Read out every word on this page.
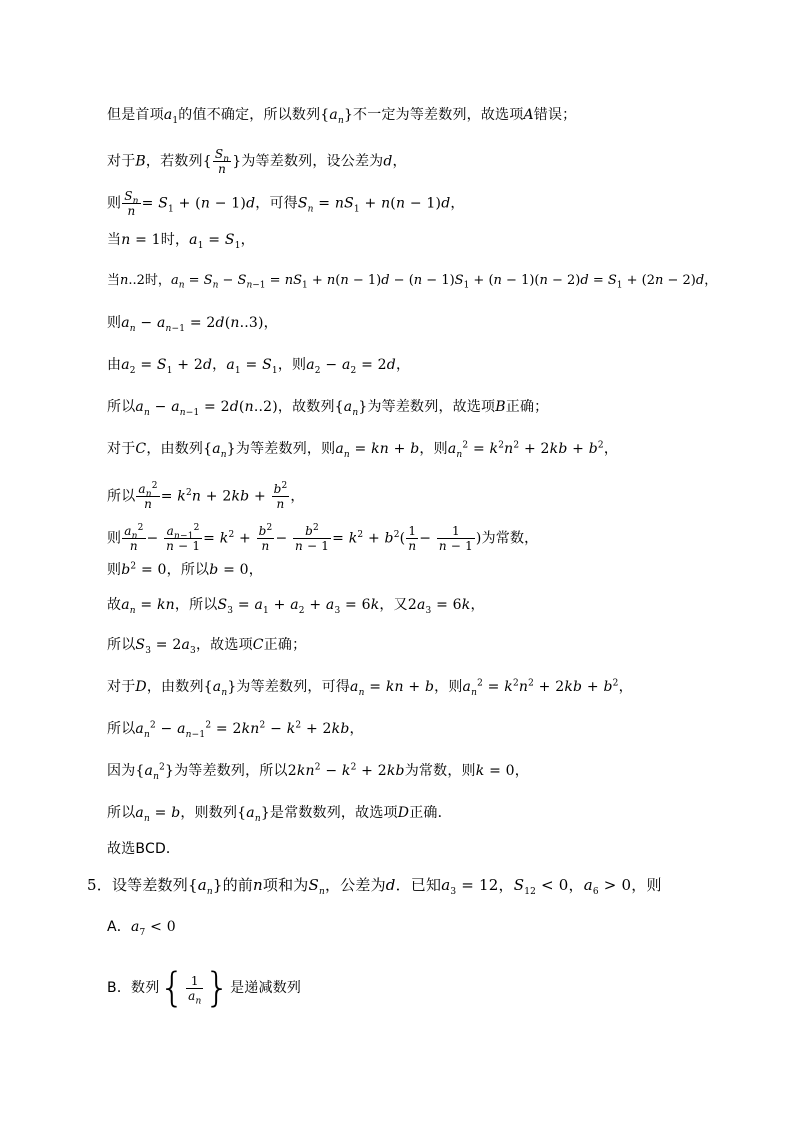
但是首项$a_1$的值不确定，所以数列$\{a_n\}$不一定为等差数列，故选项A错误；
对于B，若数列{ $\frac{S_n}{n}$ }为等差数列，设公差为d，
则 $\frac{S_n}{n} = S_1 + (n - 1)d$，可得$S_n = nS_1 + n(n - 1)d$，
当n = 1时，$a_1 = S_1$，
当n..2时，$a_n = S_n - S_{n-1} = nS_1 + n(n - 1)d - (n - 1)S_1 + (n - 1)(n - 2)d = S_1 + (2n - 2)d$，
则$a_n - a_{n-1} = 2d(n..3)$，
由$a_2 = S_1 + 2d$，$a_1 = S_1$，则$a_2 - a_2 = 2d$，
所以$a_n - a_{n-1} = 2d(n..2)$，故数列$\{a_n\}$为等差数列，故选项B正确；
对于C，由数列$\{a_n\}$为等差数列，则$a_n$ = kn + b，则$a_n^2 = k^2n^2 + 2kb + b^2$，
所以 $\frac{a_n^2}{n} = k^2n + 2kb + \frac{b^2}{n}$ ，
则 $\frac{a_n^2}{n} - \frac{a_{n-1}^2}{n - 1} = k^2 + \frac{b^2}{n} - \frac{b^2}{n - 1} = k^2 + b^2( \frac{1}{n} - \frac{1}{n - 1}$ )为常数，
则$b^2 = 0$，所以b = 0，
故$a_n$ = kn，所以$S_3 = a_1 + a_2 + a_3 = 6k$，又$2a_3 = 6k$，
所以$S_3 = 2a_3$，故选项C正确；
对于D，由数列$\{a_n\}$为等差数列，可得$a_n$ = kn + b，则$a_n^2 = k^2n^2 + 2kb + b^2$，
所以$a_n^2 - a_{n-1}^2 = 2kn^2 - k^2 + 2kb$，
因为$\{a_n^2\}$为等差数列，所以$2kn^2 - k^2 + 2kb$为常数，则k = 0，
所以$a_n = b$，则数列$\{a_n\}$是常数数列，故选项D正确．
故选BCD．
5．设等差数列$\{a_n\}$的前n项和为$S_n$，公差为d．已知$a_3 = 12$，$S_{12} < 0$，$a_6 > 0$，则
A．$a_7 < 0$
B．数列{ $\frac{1}{a_n}$ }是递减数列
